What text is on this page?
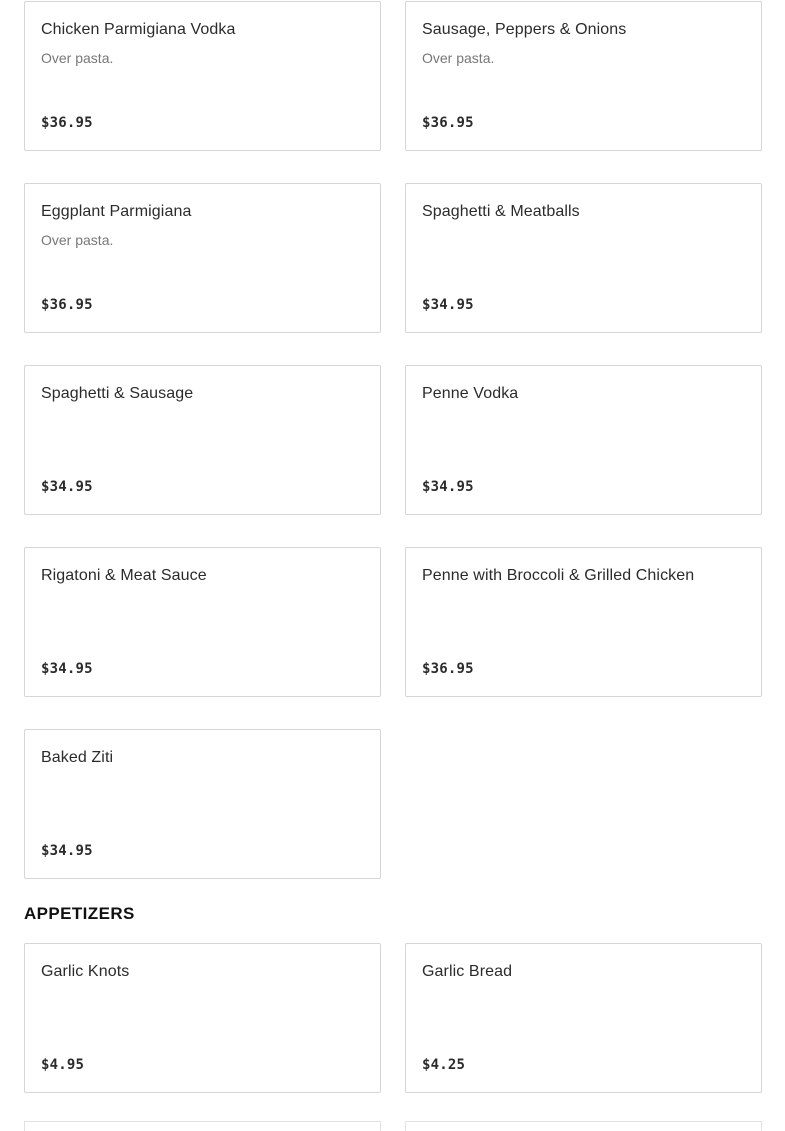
Chicken Parmigiana Vodka
Over pasta.
$36.95
Sausage, Peppers & Onions
Over pasta.
$36.95
Eggplant Parmigiana
Over pasta.
$36.95
Spaghetti & Meatballs
$34.95
Spaghetti & Sausage
$34.95
Penne Vodka
$34.95
Rigatoni & Meat Sauce
$34.95
Penne with Broccoli & Grilled Chicken
$36.95
Baked Ziti
$34.95
APPETIZERS
Garlic Knots
$4.95
Garlic Bread
$4.25
